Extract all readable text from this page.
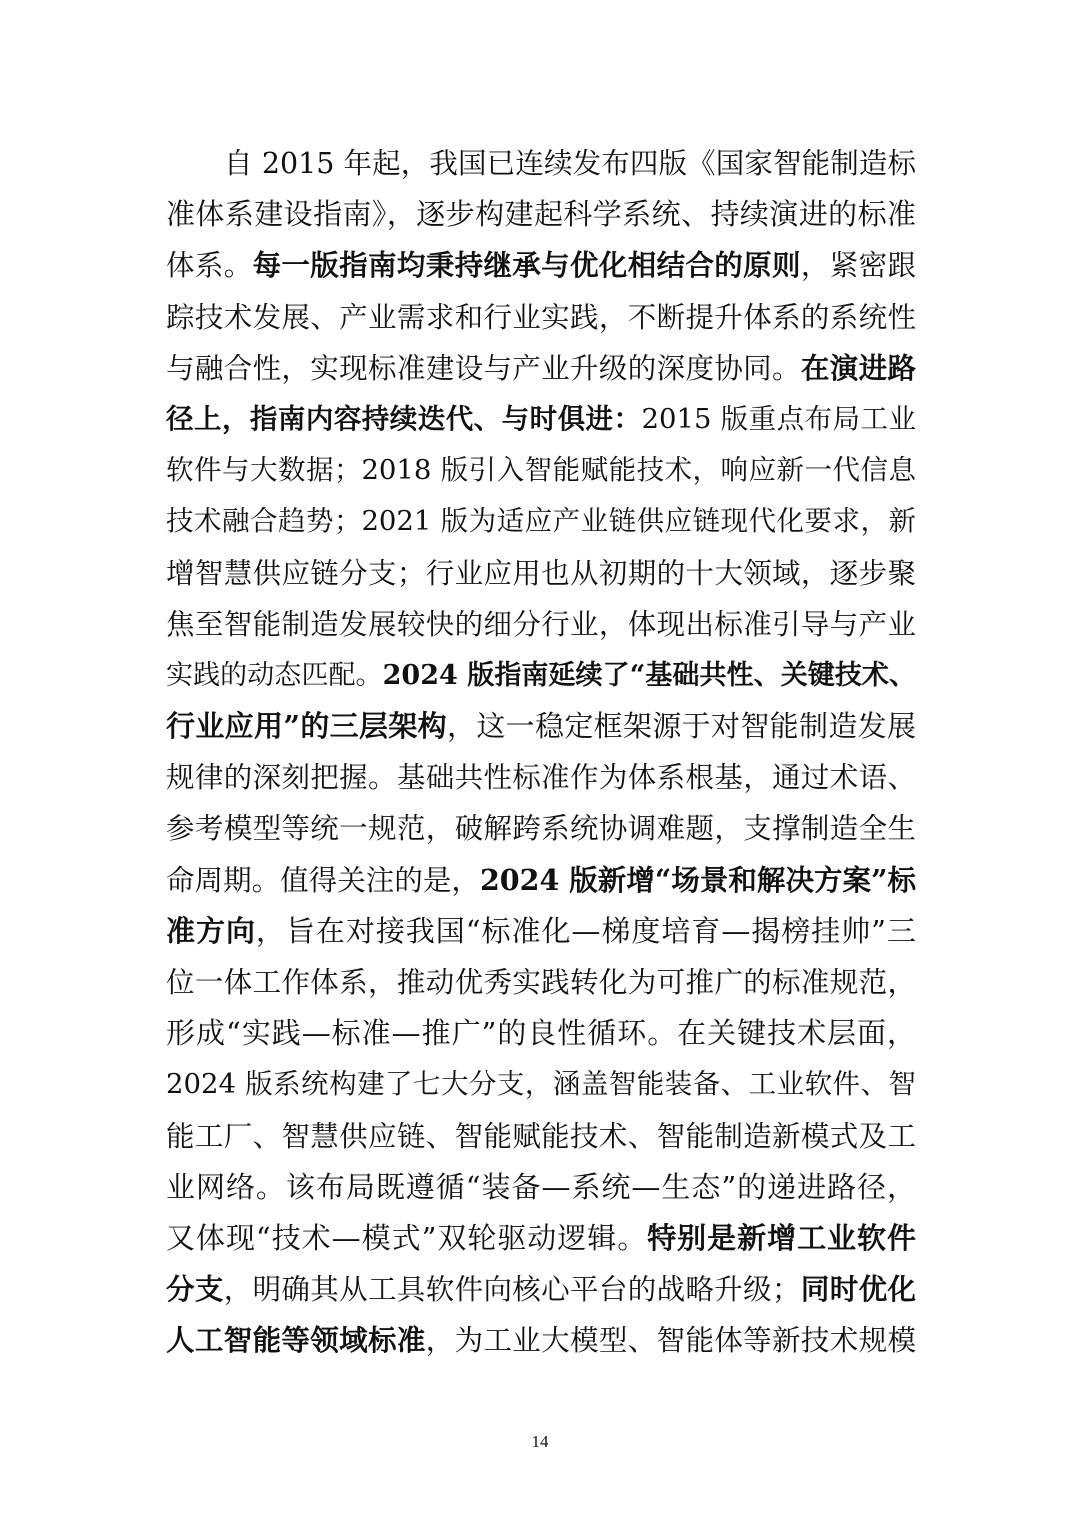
自 2015 年起，我国已连续发布四版《国家智能制造标
准体系建设指南》，逐步构建起科学系统、持续演进的标准
体系。每一版指南均秉持继承与优化相结合的原则，紧密跟
踪技术发展、产业需求和行业实践，不断提升体系的系统性
与融合性，实现标准建设与产业升级的深度协同。在演进路
径上，指南内容持续迭代、与时俱进：2015 版重点布局工业
软件与大数据；2018 版引入智能赋能技术，响应新一代信息
技术融合趋势；2021 版为适应产业链供应链现代化要求，新
增智慧供应链分支；行业应用也从初期的十大领域，逐步聚
焦至智能制造发展较快的细分行业，体现出标准引导与产业
实践的动态匹配。2024 版指南延续了“基础共性、关键技术、
行业应用”的三层架构，这一稳定框架源于对智能制造发展
规律的深刻把握。基础共性标准作为体系根基，通过术语、
参考模型等统一规范，破解跨系统协调难题，支撑制造全生
命周期。值得关注的是，2024 版新增“场景和解决方案”标
准方向，旨在对接我国“标准化—梯度培育—揭榜挂帅”三
位一体工作体系，推动优秀实践转化为可推广的标准规范，
形成“实践—标准—推广”的良性循环。在关键技术层面，
2024 版系统构建了七大分支，涵盖智能装备、工业软件、智
能工厂、智慧供应链、智能赋能技术、智能制造新模式及工
业网络。该布局既遵循“装备—系统—生态”的递进路径，
又体现“技术—模式”双轮驱动逻辑。特别是新增工业软件
分支，明确其从工具软件向核心平台的战略升级；同时优化
人工智能等领域标准，为工业大模型、智能体等新技术规模
14
